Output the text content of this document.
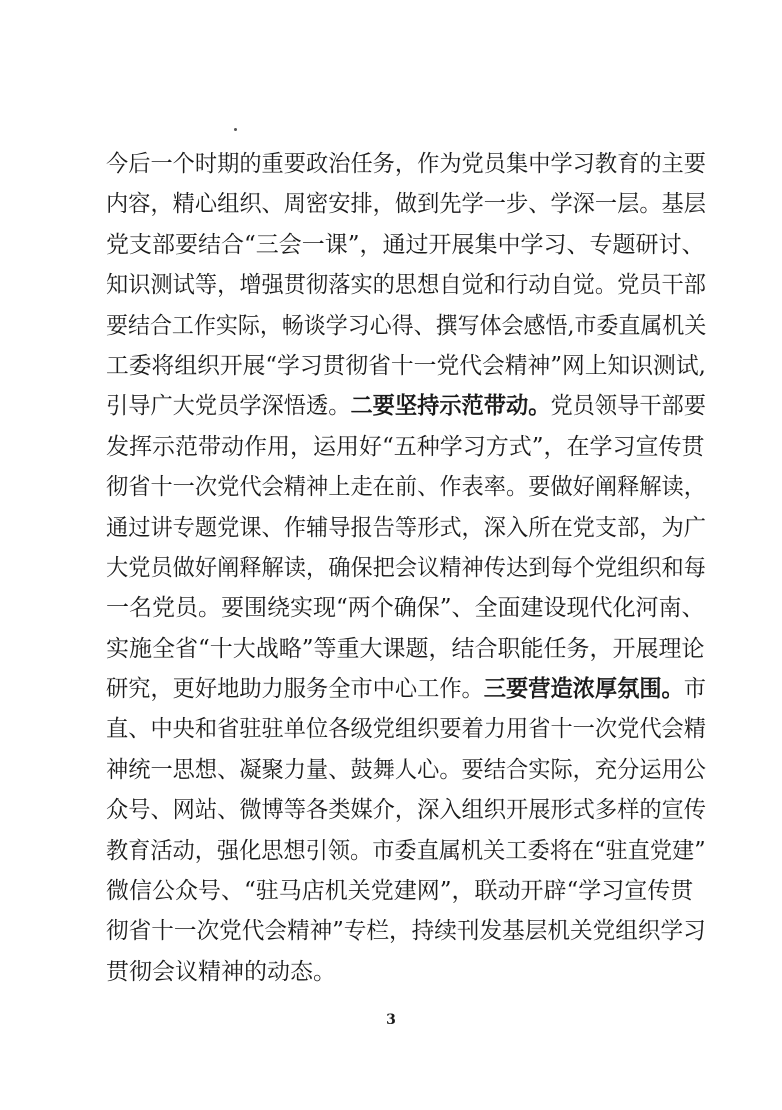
今后一个时期的重要政治任务，作为党员集中学习教育的主要
内容，精心组织、周密安排，做到先学一步、学深一层。基层
党支部要结合“三会一课”，通过开展集中学习、专题研讨、
知识测试等，增强贯彻落实的思想自觉和行动自觉。党员干部
要结合工作实际，畅谈学习心得、撰写体会感悟,市委直属机关
工委将组织开展“学习贯彻省十一党代会精神”网上知识测试,
引导广大党员学深悟透。二要坚持示范带动。党员领导干部要
发挥示范带动作用，运用好“五种学习方式”，在学习宣传贯
彻省十一次党代会精神上走在前、作表率。要做好阐释解读，
通过讲专题党课、作辅导报告等形式，深入所在党支部，为广
大党员做好阐释解读，确保把会议精神传达到每个党组织和每
一名党员。要围绕实现“两个确保”、全面建设现代化河南、
实施全省“十大战略”等重大课题，结合职能任务，开展理论
研究，更好地助力服务全市中心工作。三要营造浓厚氛围。市
直、中央和省驻驻单位各级党组织要着力用省十一次党代会精
神统一思想、凝聚力量、鼓舞人心。要结合实际，充分运用公
众号、网站、微博等各类媒介，深入组织开展形式多样的宣传
教育活动，强化思想引领。市委直属机关工委将在“驻直党建”
微信公众号、“驻马店机关党建网”，联动开辟“学习宣传贯
彻省十一次党代会精神”专栏，持续刊发基层机关党组织学习
贯彻会议精神的动态。
3
